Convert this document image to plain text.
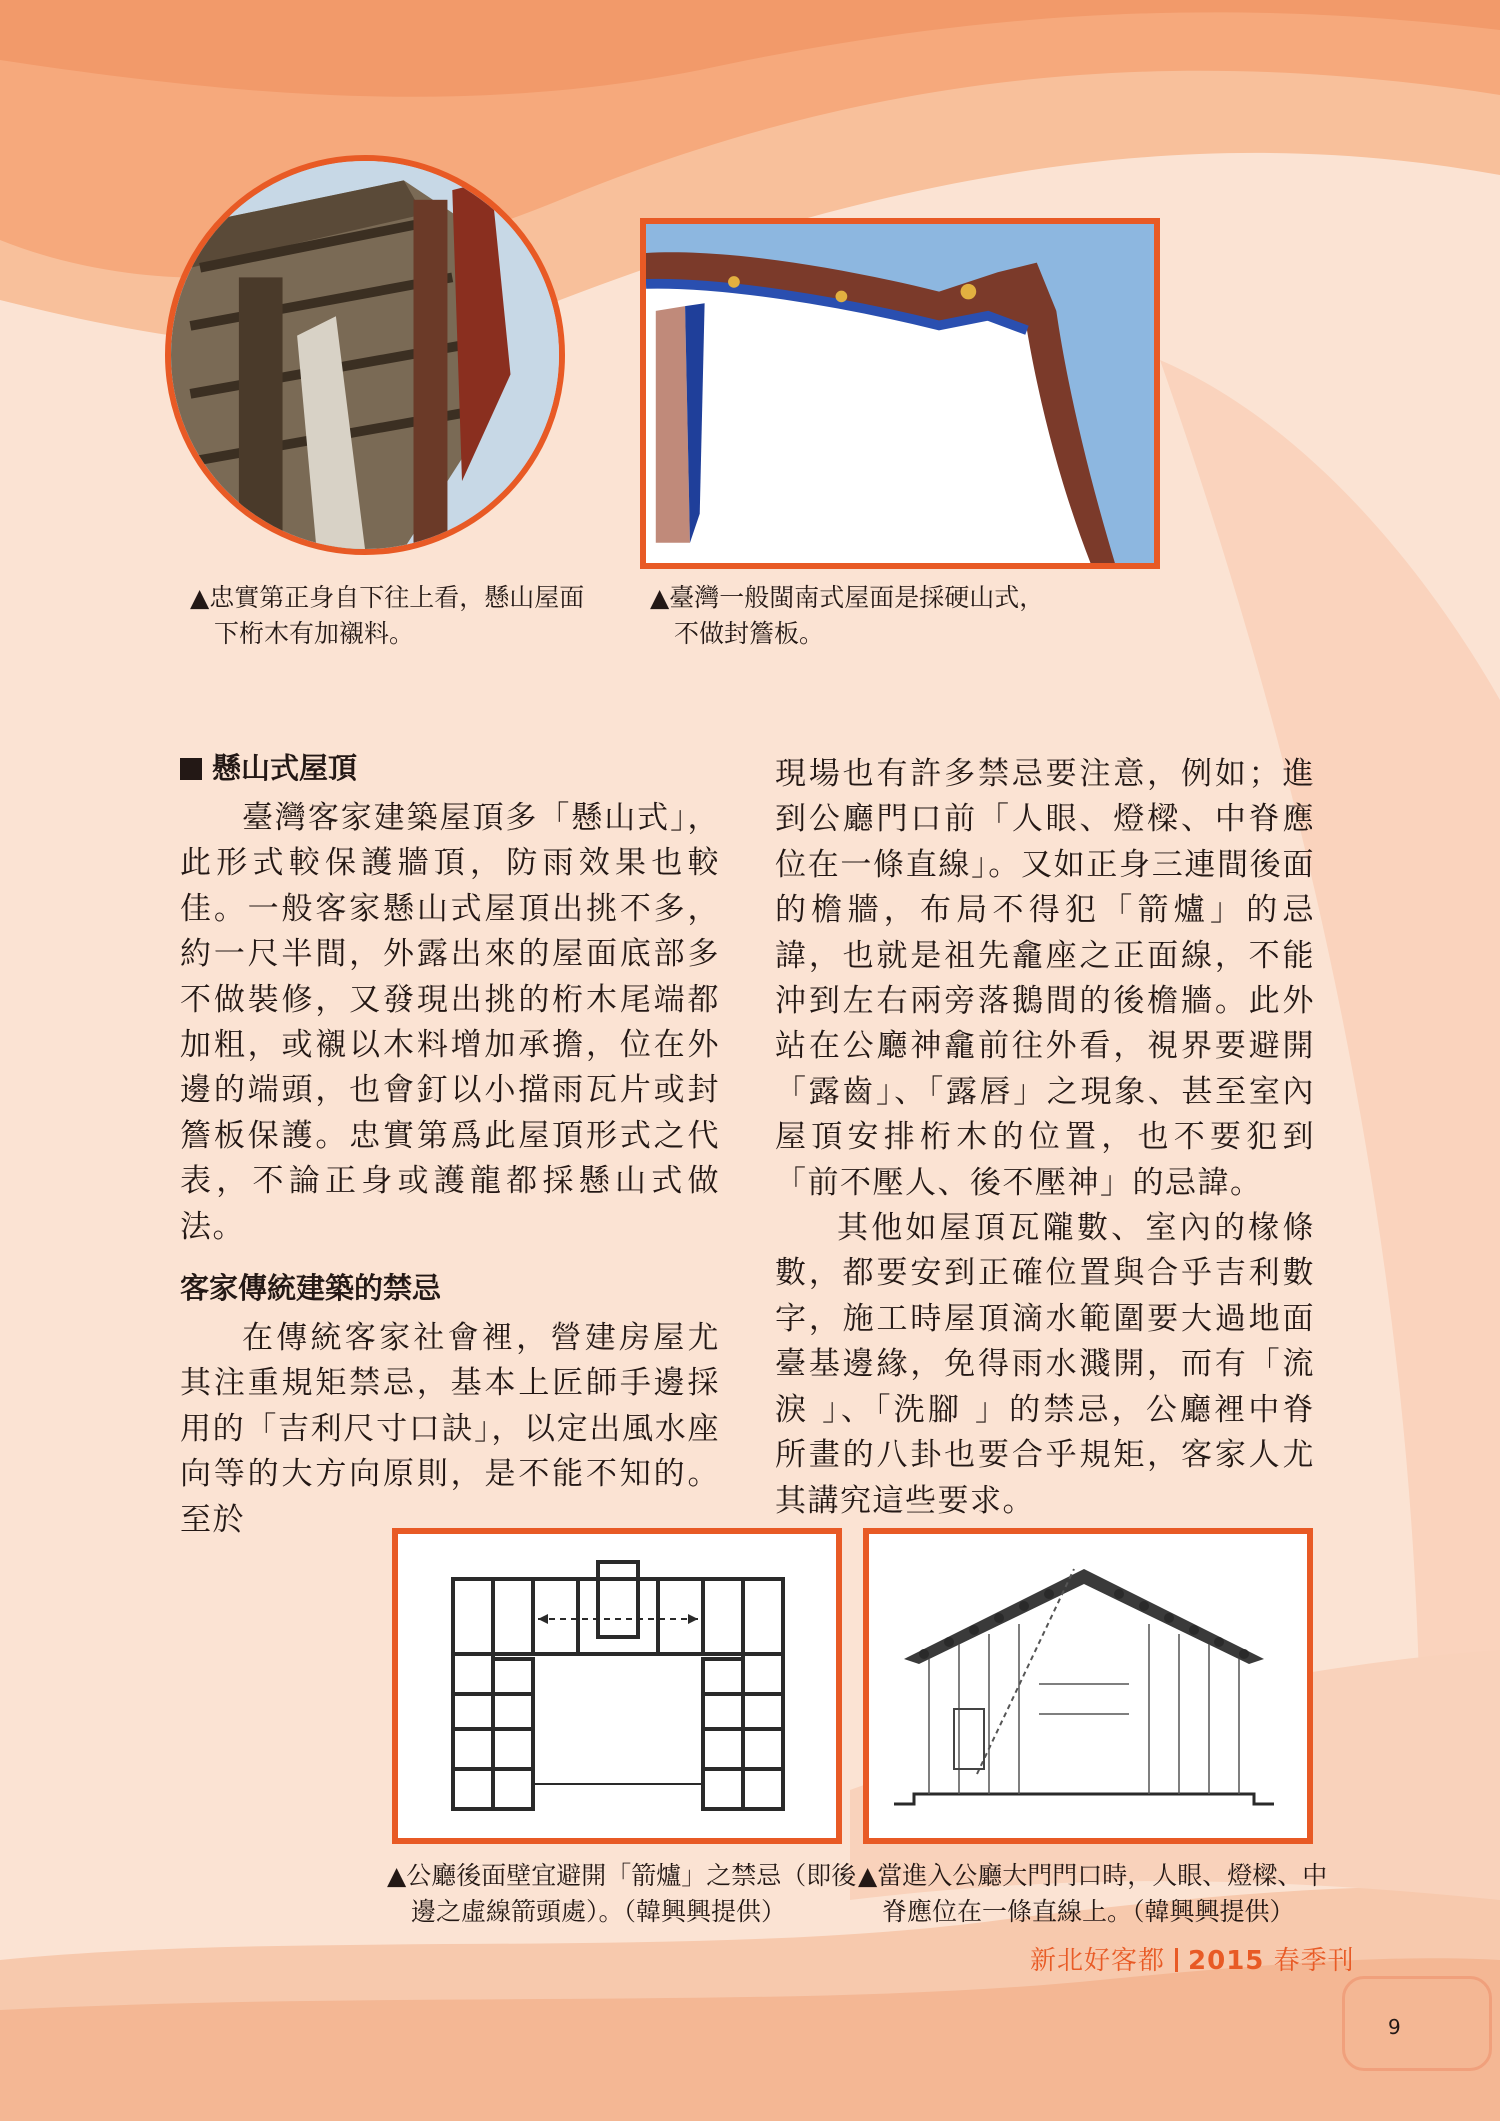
▲忠實第正身自下往上看，懸山屋面
下桁木有加襯料。
▲臺灣一般閩南式屋面是採硬山式，
不做封簷板。
懸山式屋頂

臺灣客家建築屋頂多「懸山式」，此形式較保護牆頂，防雨效果也較佳。一般客家懸山式屋頂出挑不多，約一尺半間，外露出來的屋面底部多不做裝修，又發現出挑的桁木尾端都加粗，或襯以木料增加承擔，位在外邊的端頭，也會釘以小擋雨瓦片或封簷板保護。忠實第爲此屋頂形式之代表，不論正身或護龍都採懸山式做法。

客家傳統建築的禁忌

在傳統客家社會裡，營建房屋尤其注重規矩禁忌，基本上匠師手邊採用的「吉利尺寸口訣」，以定出風水座向等的大方向原則，是不能不知的。至於

現場也有許多禁忌要注意，例如；進到公廳門口前「人眼、燈樑、中脊應位在一條直線」。又如正身三連間後面的檐牆，布局不得犯「箭爐」的忌諱，也就是祖先龕座之正面線，不能沖到左右兩旁落鵝間的後檐牆。此外站在公廳神龕前往外看，視界要避開「露齒」、「露唇」之現象、甚至室內屋頂安排桁木的位置，也不要犯到「前不壓人、後不壓神」的忌諱。

其他如屋頂瓦隴數、室內的椽條數，都要安到正確位置與合乎吉利數字，施工時屋頂滴水範圍要大過地面臺基邊緣，免得雨水濺開，而有「流淚 」、「洗腳 」的禁忌，公廳裡中脊所畫的八卦也要合乎規矩，客家人尤其講究這些要求。

▲公廳後面壁宜避開「箭爐」之禁忌（即後
邊之虛線箭頭處）。（韓興興提供）
▲當進入公廳大門門口時，人眼、燈樑、中
脊應位在一條直線上。（韓興興提供）
新北好客都 2015 春季刊
9
